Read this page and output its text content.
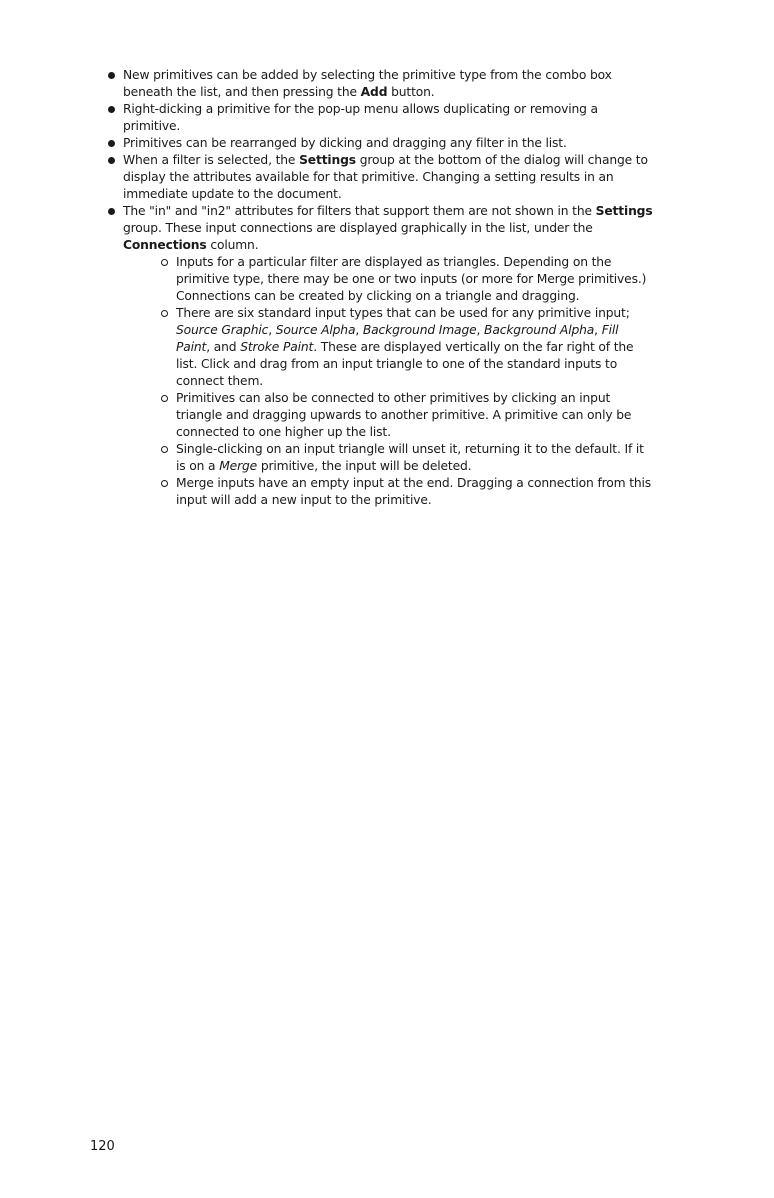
New primitives can be added by selecting the primitive type from the combo box beneath the list, and then pressing the Add button.
Right-dicking a primitive for the pop-up menu allows duplicating or removing a primitive.
Primitives can be rearranged by dicking and dragging any filter in the list.
When a filter is selected, the Settings group at the bottom of the dialog will change to display the attributes available for that primitive. Changing a setting results in an immediate update to the document.
The "in" and "in2" attributes for filters that support them are not shown in the Settings group. These input connections are displayed graphically in the list, under the Connections column.
Inputs for a particular filter are displayed as triangles. Depending on the primitive type, there may be one or two inputs (or more for Merge primitives.) Connections can be created by clicking on a triangle and dragging.
There are six standard input types that can be used for any primitive input; Source Graphic, Source Alpha, Background Image, Background Alpha, Fill Paint, and Stroke Paint. These are displayed vertically on the far right of the list. Click and drag from an input triangle to one of the standard inputs to connect them.
Primitives can also be connected to other primitives by clicking an input triangle and dragging upwards to another primitive. A primitive can only be connected to one higher up the list.
Single-clicking on an input triangle will unset it, returning it to the default. If it is on a Merge primitive, the input will be deleted.
Merge inputs have an empty input at the end. Dragging a connection from this input will add a new input to the primitive.
120
